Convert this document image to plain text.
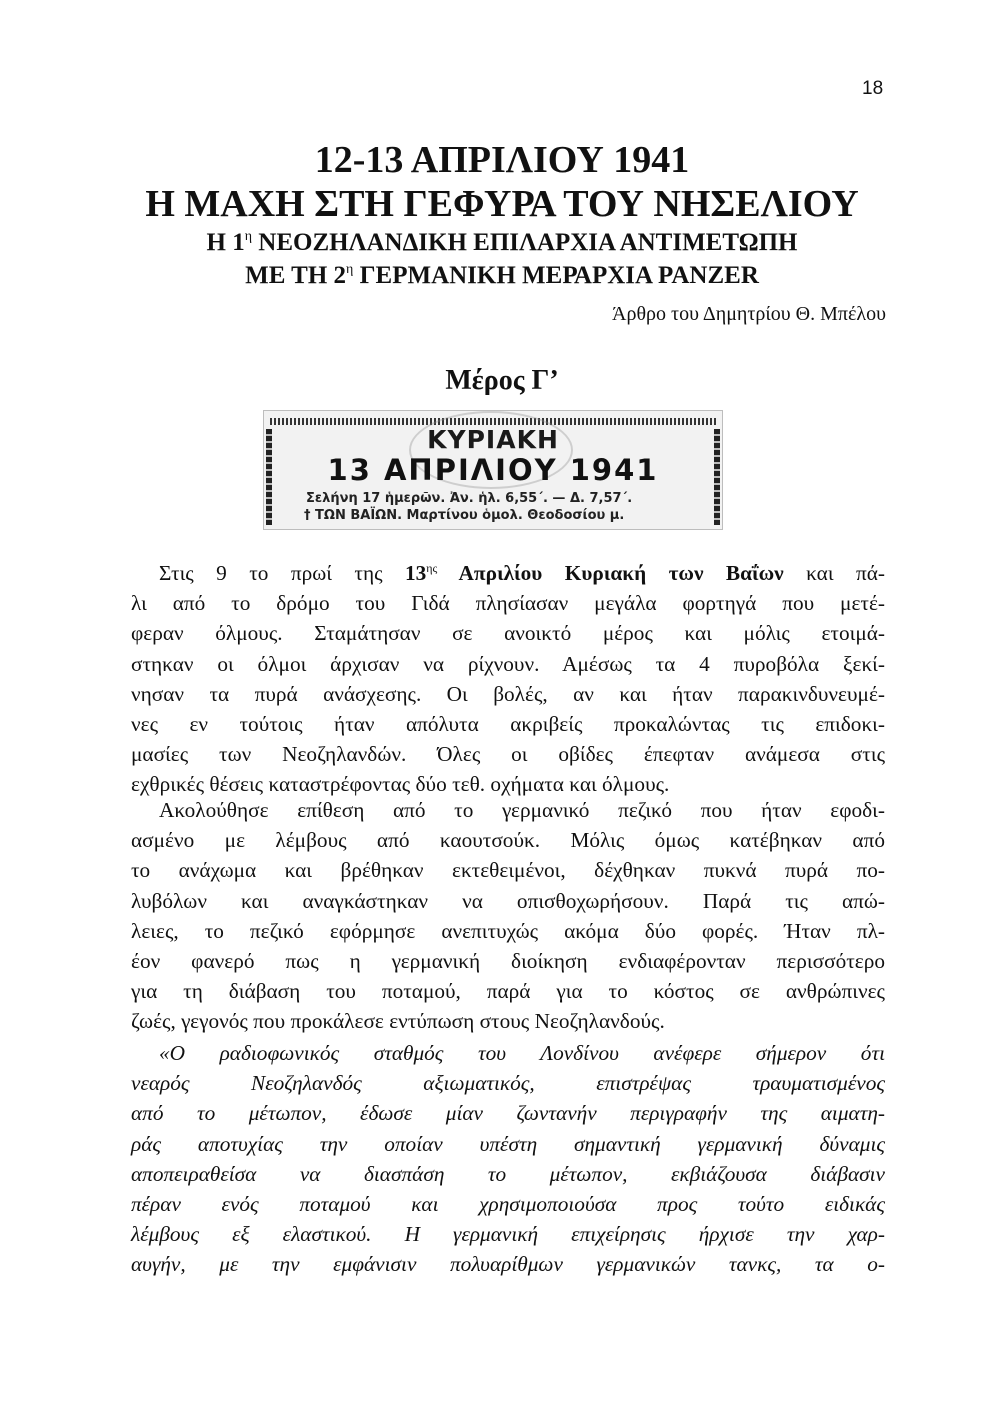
18
12-13 ΑΠΡΙΛΙΟΥ 1941
Η ΜΑΧΗ ΣΤΗ ΓΕΦΥΡΑ ΤΟΥ ΝΗΣΕΛΙΟΥ
Η $1^\eta$ ΝΕΟΖΗΛΑΝΔΙΚΗ ΕΠΙΛΑΡΧΙΑ ΑΝΤΙΜΕΤΩΠΗ
ΜΕ ΤΗ $2^\eta$ ΓΕΡΜΑΝΙΚΗ ΜΕΡΑΡΧΙΑ PANZER
Άρθρο του Δημητρίου Θ. Μπέλου
Μέρος Γ’
ΚΥΡΙΑΚΗ
13 ΑΠΡΙΛΙΟΥ 1941
Σελήνη 17 ἡμερῶν. Ἀν. ἡλ. 6,55΄. — Δ. 7,57΄.
† ΤΩΝ ΒΑΪΩΝ. Μαρτίνου ὁμολ. Θεοδοσίου μ.

Στις 9 το πρωί της $13^{\eta\varsigma}$ Απριλίου Κυριακή των Βαΐων και πά-
λι από το δρόμο του Γιδά πλησίασαν μεγάλα φορτηγά που μετέ-
φεραν όλμους. Σταμάτησαν σε ανοικτό μέρος και μόλις ετοιμά-
στηκαν οι όλμοι άρχισαν να ρίχνουν. Αμέσως τα 4 πυροβόλα ξεκί-
νησαν τα πυρά ανάσχεσης. Οι βολές, αν και ήταν παρακινδυνευμέ-
νες εν τούτοις ήταν απόλυτα ακριβείς προκαλώντας τις επιδοκι-
μασίες των Νεοζηλανδών. Όλες οι οβίδες έπεφταν ανάμεσα στις
εχθρικές θέσεις καταστρέφοντας δύο τεθ. οχήματα και όλμους.

Ακολούθησε επίθεση από το γερμανικό πεζικό που ήταν εφοδι-
ασμένο με λέμβους από καουτσούκ. Μόλις όμως κατέβηκαν από
το ανάχωμα και βρέθηκαν εκτεθειμένοι, δέχθηκαν πυκνά πυρά πο-
λυβόλων και αναγκάστηκαν να οπισθοχωρήσουν. Παρά τις απώ-
λειες, το πεζικό εφόρμησε ανεπιτυχώς ακόμα δύο φορές. Ήταν πλ-
έον φανερό πως η γερμανική διοίκηση ενδιαφέρονταν περισσότερο
για τη διάβαση του ποταμού, παρά για το κόστος σε ανθρώπινες
ζωές, γεγονός που προκάλεσε εντύπωση στους Νεοζηλανδούς.

«Ο ραδιοφωνικός σταθμός του Λονδίνου ανέφερε σήμερον ότι
νεαρός Νεοζηλανδός αξιωματικός, επιστρέψας τραυματισμένος
από το μέτωπον, έδωσε μίαν ζωντανήν περιγραφήν της αιματη-
ράς αποτυχίας την οποίαν υπέστη σημαντική γερμανική δύναμις
αποπειραθείσα να διασπάση το μέτωπον, εκβιάζουσα διάβασιν
πέραν ενός ποταμού και χρησιμοποιούσα προς τούτο ειδικάς
λέμβους εξ ελαστικού. Η γερμανική επιχείρησις ήρχισε την χαρ-
αυγήν, με την εμφάνισιν πολυαρίθμων γερμανικών τανκς, τα ο-
